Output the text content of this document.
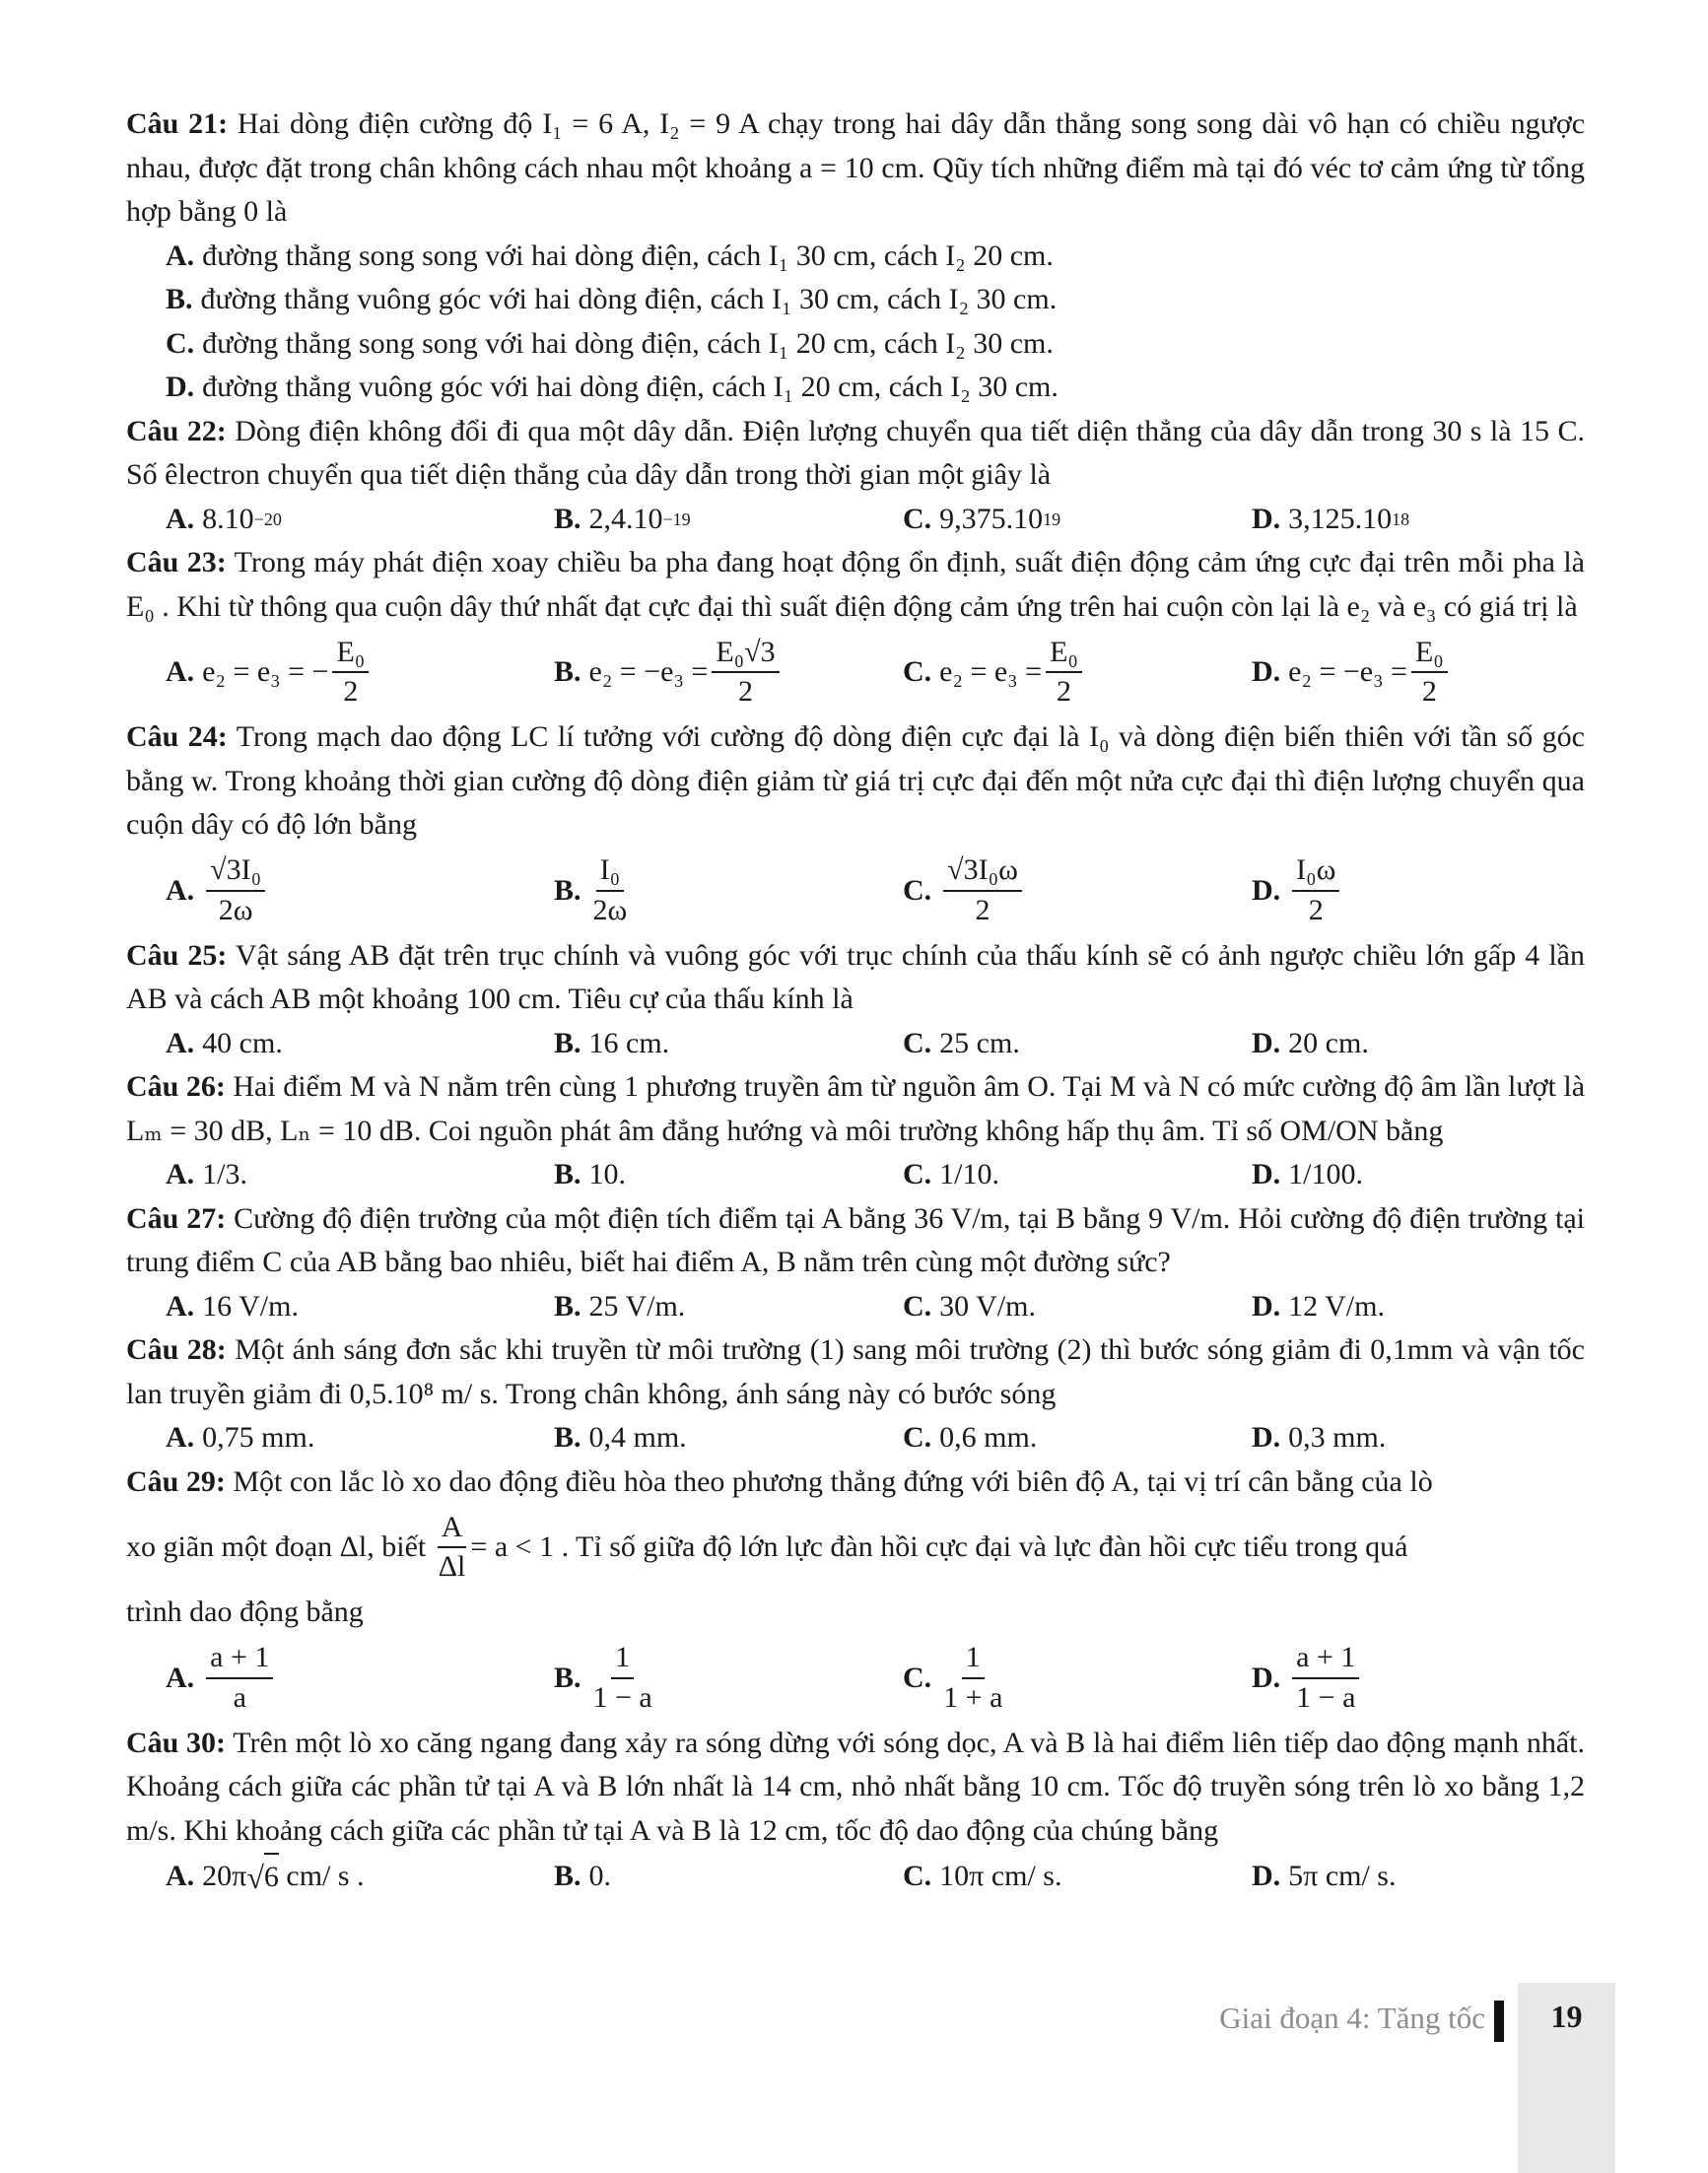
Câu 21: Hai dòng điện cường độ I₁ = 6 A, I₂ = 9 A chạy trong hai dây dẫn thẳng song song dài vô hạn có chiều ngược nhau, được đặt trong chân không cách nhau một khoảng a = 10 cm. Qũy tích những điểm mà tại đó véc tơ cảm ứng từ tổng hợp bằng 0 là
A. đường thẳng song song với hai dòng điện, cách I₁ 30 cm, cách I₂ 20 cm.
B. đường thẳng vuông góc với hai dòng điện, cách I₁ 30 cm, cách I₂ 30 cm.
C. đường thẳng song song với hai dòng điện, cách I₁ 20 cm, cách I₂ 30 cm.
D. đường thẳng vuông góc với hai dòng điện, cách I₁ 20 cm, cách I₂ 30 cm.
Câu 22: Dòng điện không đổi đi qua một dây dẫn. Điện lượng chuyển qua tiết diện thẳng của dây dẫn trong 30 s là 15 C. Số êlectron chuyển qua tiết diện thẳng của dây dẫn trong thời gian một giây là
A. 8.10 −20	B. 2,4.10 −19	C. 9,375.10 19	D. 3,125.10 18
Câu 23: Trong máy phát điện xoay chiều ba pha đang hoạt động ổn định, suất điện động cảm ứng cực đại trên mỗi pha là E₀ . Khi từ thông qua cuộn dây thứ nhất đạt cực đại thì suất điện động cảm ứng trên hai cuộn còn lại là e₂ và e₃ có giá trị là
A. e₂ = e₃ = − $\frac{\text{E₀}}{2}$	B. $e_2 = -e_3 = \frac{\text{E₀√3}}{2}$	C. $e_2 = e_3 = \frac{\text{E₀}}{2}$	D. $e_2 = -e_3 = \frac{\text{E₀}}{2}$
Câu 24: Trong mạch dao động LC lí tưởng với cường độ dòng điện cực đại là I₀ và dòng điện biến thiên với tần số góc bằng w. Trong khoảng thời gian cường độ dòng điện giảm từ giá trị cực đại đến một nửa cực đại thì điện lượng chuyển qua cuộn dây có độ lớn bằng
A. $\frac{\text{√3I₀}}{2\omega}$	B. $\frac{\text{I₀}}{2\omega}$	C. $\frac{\text{√3I₀ω}}{2}$	D. $\frac{\text{I₀ω}}{2}$
Câu 25: Vật sáng AB đặt trên trục chính và vuông góc với trục chính của thấu kính sẽ có ảnh ngược chiều lớn gấp 4 lần AB và cách AB một khoảng 100 cm. Tiêu cự của thấu kính là
A. 40 cm.	B. 16 cm.	C. 25 cm.	D. 20 cm.
Câu 26: Hai điểm M và N nằm trên cùng 1 phương truyền âm từ nguồn âm O. Tại M và N có mức cường độ âm lần lượt là Lₘ = 30 dB, Lₙ = 10 dB. Coi nguồn phát âm đẳng hướng và môi trường không hấp thụ âm. Tỉ số OM/ON bằng
A. 1/3.	B. 10.	C. 1/10.	D. 1/100.
Câu 27: Cường độ điện trường của một điện tích điểm tại A bằng 36 V/m, tại B bằng 9 V/m. Hỏi cường độ điện trường tại trung điểm C của AB bằng bao nhiêu, biết hai điểm A, B nằm trên cùng một đường sức?
A. 16 V/m.	B. 25 V/m.	C. 30 V/m.	D. 12 V/m.
Câu 28: Một ánh sáng đơn sắc khi truyền từ môi trường (1) sang môi trường (2) thì bước sóng giảm đi 0,1mm và vận tốc lan truyền giảm đi 0,5.10⁸ m/ s. Trong chân không, ánh sáng này có bước sóng
A. 0,75 mm.	B. 0,4 mm.	C. 0,6 mm.	D. 0,3 mm.
Câu 29: Một con lắc lò xo dao động điều hòa theo phương thẳng đứng với biên độ A, tại vị trí cân bằng của lò
xo giãn một đoạn Δl, biết
$\frac{A}{\Delta l} = a < 1$ . Tỉ số giữa độ lớn lực đàn hồi cực đại và lực đàn hồi cực tiểu trong quá
trình dao động bằng
A. $\frac{a + 1}{a}$	B. $\frac{1}{1 - a}$	C. $\frac{1}{1 + a}$	D. $\frac{a + 1}{1 - a}$
Câu 30: Trên một lò xo căng ngang đang xảy ra sóng dừng với sóng dọc, A và B là hai điểm liên tiếp dao động mạnh nhất. Khoảng cách giữa các phần tử tại A và B lớn nhất là 14 cm, nhỏ nhất bằng 10 cm. Tốc độ truyền sóng trên lò xo bằng 1,2 m/s. Khi khoảng cách giữa các phần tử tại A và B là 12 cm, tốc độ dao động của chúng bằng
A. 20π √ 6 cm/ s .	B. 0.	C. 10π cm/ s.	D. 5π cm/ s.
Giai đoạn 4: Tăng tốc	19
